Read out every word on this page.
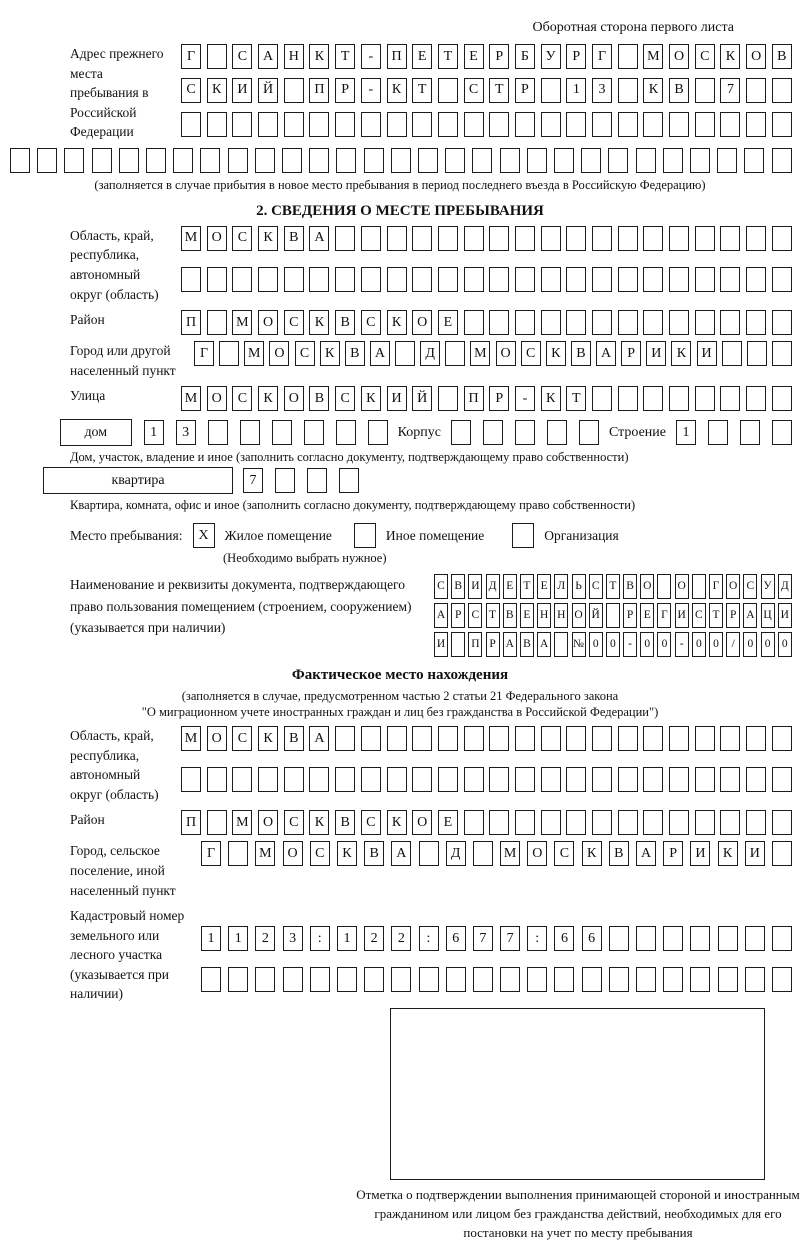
Оборотная сторона первого листа
Адрес прежнего места пребывания в Российской Федерации
Г	С	А	Н	К	Т	-	П	Е	Т	Е	Р	Б	У	Р	Г	М	О	С	К	О	В
С	К	И	Й	П	Р	-	К	Т	С	Т	Р	1	3	К	В	7
(заполняется в случае прибытия в новое место пребывания в период последнего въезда в Российскую Федерацию)
2. СВЕДЕНИЯ О МЕСТЕ ПРЕБЫВАНИЯ
Область, край, республика, автономный округ (область)
М	О	С	К	В	А
Район	П	М	О	С	К	В	С	К	О	Е
Город или другой населенный пункт
Г	М О	С	К	В	А	Д	М О	С	К	В	А	Р	И	К	И
Улица	М	О	С	К	О	В	С	К	И	Й	П	Р	-	К	Т
дом	1	3	Корпус	Строение	1
Дом, участок, владение и иное (заполнить согласно документу, подтверждающему право собственности)
квартира	7
Квартира, комната, офис и иное (заполнить согласно документу, подтверждающему право собственности)
Место пребывания:	X	Жилое помещение	Иное помещение	Организация
(Необходимо выбрать нужное)
Наименование и реквизиты документа, подтверждающего право пользования помещением (строением, сооружением) (указывается при наличии)
С В И Д Е Т Е Л Ь С Т В О О	Г О С У Д
А Р С Т В Е Н Н О Й	Р Е Г И С Т Р А Ц И
И П Р А В А № 0 0	-	0 0	-	0 0	/	0 0 0
Фактическое место нахождения
(заполняется в случае, предусмотренном частью 2 статьи 21 Федерального закона
"О миграционном учете иностранных граждан и лиц без гражданства в Российской Федерации")
Область, край, республика, автономный округ (область)
М	О	С	К	В	А
Район	П	М	О	С	К	В	С	К	О	Е
Город, сельское поселение, иной населенный пункт
Г	М	О	С	К	В	А	Д	М	О	С	К	В	А	Р	И	К	И
Кадастровый номер земельного или лесного участка (указывается при наличии)
1	1	2	3	:	1	2	2	:	6	7	7	:	6	6
Отметка о подтверждении выполнения принимающей стороной и иностранным гражданином или лицом без гражданства действий, необходимых для его постановки на учет по месту пребывания
